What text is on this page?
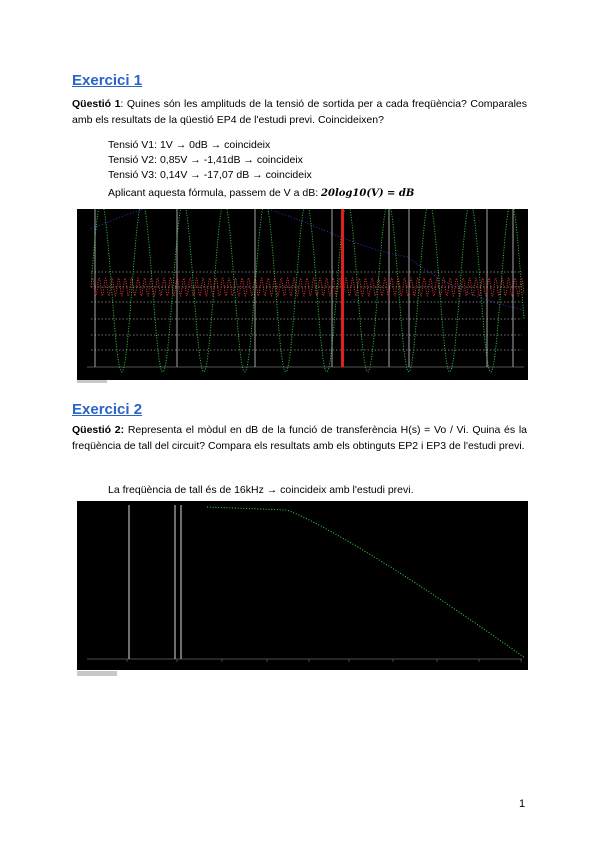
Exercici 1

Qüestió 1: Quines són les amplituds de la tensió de sortida per a cada freqüència? Comparales amb els resultats de la qüestió EP4 de l'estudi previ. Coincideixen?

Tensió V1: 1V → 0dB → coincideix

Tensió V2: 0,85V → -1,41dB → coincideix

Tensió V3: 0,14V → -17,07 dB → coincideix

Aplicant aquesta fórmula, passem de V a dB: 20log10(V) = dB

Exercici 2

Qüestió 2: Representa el mòdul en dB de la funció de transferència H(s) = Vo / Vi. Quina és la freqüència de tall del circuit? Compara els resultats amb els obtinguts EP2 i EP3 de l'estudi previ.

La freqüència de tall és de 16kHz → coincideix amb l'estudi previ.

1
